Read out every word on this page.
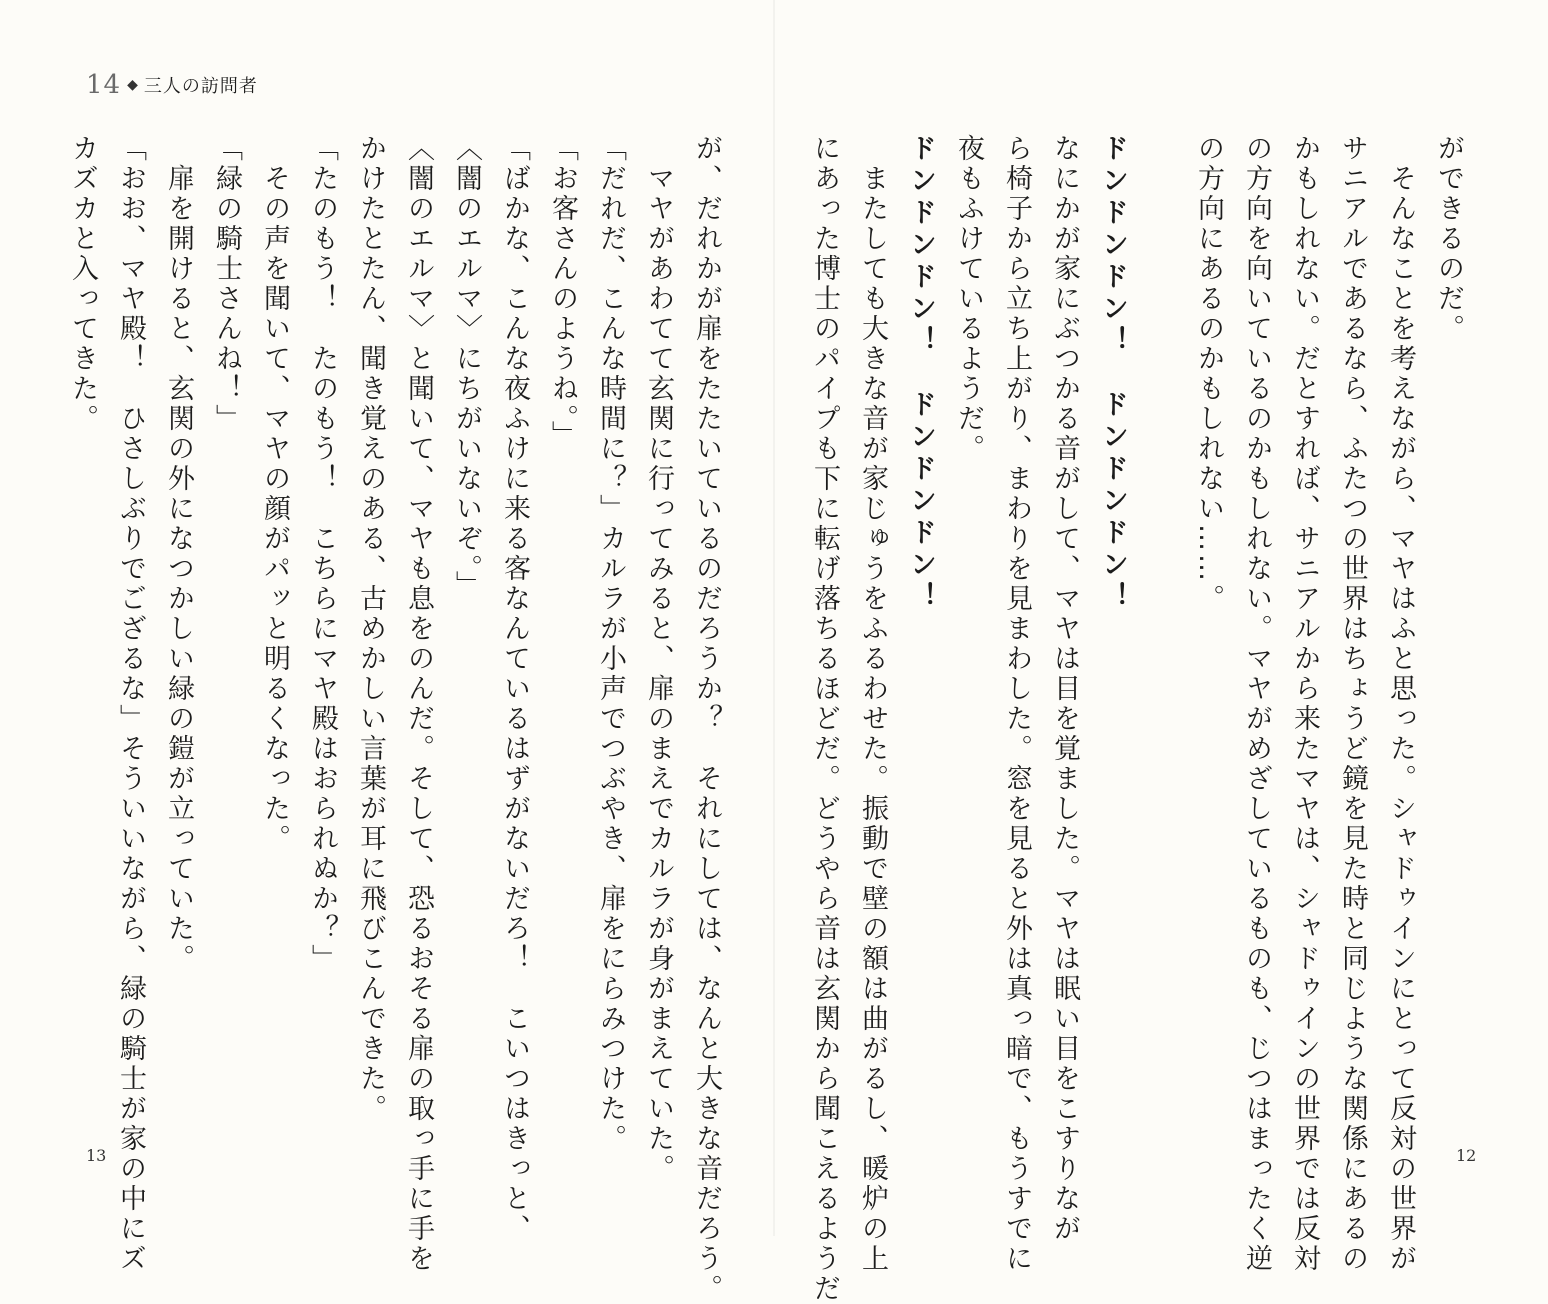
14 ◆ 三人の訪問者
ができるのだ。
　そんなことを考えながら、マヤはふと思った。シャドゥインにとって反対の世界が
サニアルであるなら、ふたつの世界はちょうど鏡を見た時と同じような関係にあるの
かもしれない。だとすれば、サニアルから来たマヤは、シャドゥインの世界では反対
の方向を向いているのかもしれない。マヤがめざしているものも、じつはまったく逆
の方向にあるのかもしれない……。

ドンドンドン！　ドンドンドン！
なにかが家にぶつかる音がして、マヤは目を覚ました。マヤは眠い目をこすりなが
ら椅子から立ち上がり、まわりを見まわした。窓を見ると外は真っ暗で、もうすでに
夜もふけているようだ。
ドンドンドン！　ドンドンドン！
　またしても大きな音が家じゅうをふるわせた。振動で壁の額は曲がるし、暖炉の上
にあった博士のパイプも下に転げ落ちるほどだ。どうやら音は玄関から聞こえるようだ
が、だれかが扉をたたいているのだろうか？　それにしては、なんと大きな音だろう。
　マヤがあわてて玄関に行ってみると、扉のまえでカルラが身がまえていた。
「だれだ、こんな時間に？」カルラが小声でつぶやき、扉をにらみつけた。
「お客さんのようね。」
「ばかな、こんな夜ふけに来る客なんているはずがないだろ！　こいつはきっと、
〈闇のエルマ〉にちがいないぞ。」
〈闇のエルマ〉と聞いて、マヤも息をのんだ。そして、恐るおそる扉の取っ手に手を
かけたとたん、聞き覚えのある、古めかしい言葉が耳に飛びこんできた。
「たのもう！　たのもう！　こちらにマヤ殿はおられぬか？」
　その声を聞いて、マヤの顔がパッと明るくなった。
「緑の騎士さんね！」
　扉を開けると、玄関の外になつかしい緑の鎧が立っていた。
「おお、マヤ殿！　ひさしぶりでござるな」そういいながら、緑の騎士が家の中にズ
カズカと入ってきた。
13	12
